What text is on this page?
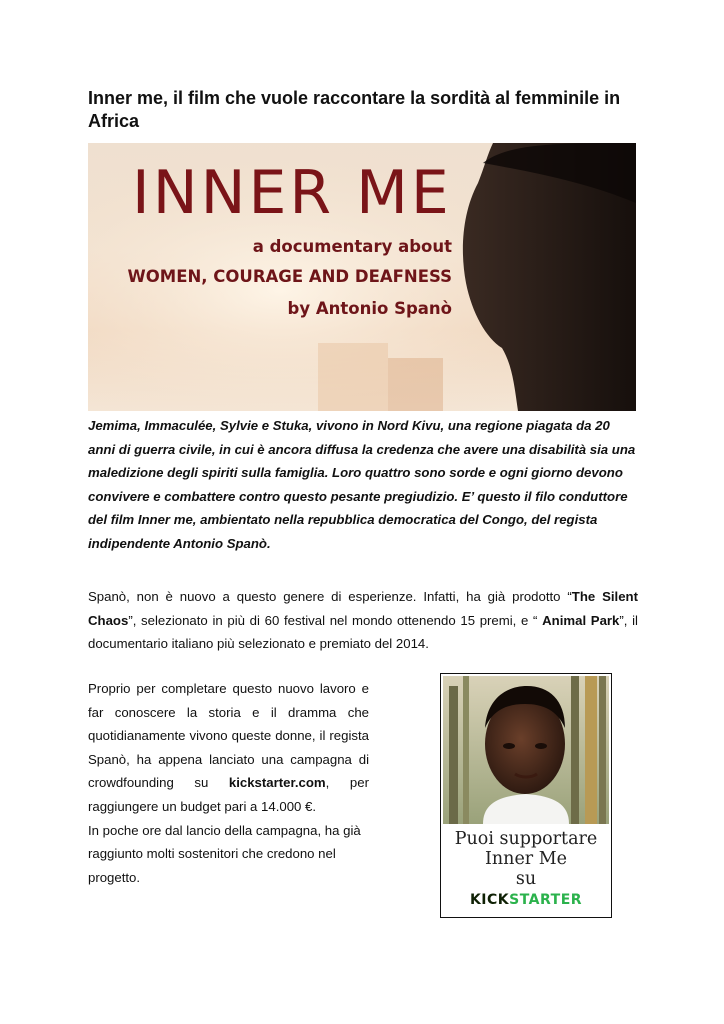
Inner me, il film che vuole raccontare la sordità al femminile in Africa
INNER ME
a documentary about
WOMEN, COURAGE AND DEAFNESS
by Antonio Spanò
Jemima, Immaculée, Sylvie e Stuka, vivono in Nord Kivu, una regione piagata da 20 anni di guerra civile, in cui è ancora diffusa la credenza che avere una disabilità sia una maledizione degli spiriti sulla famiglia. Loro quattro sono sorde e ogni giorno devono convivere e combattere contro questo pesante pregiudizio. E’ questo il filo conduttore del film Inner me, ambientato nella repubblica democratica del Congo, del regista indipendente Antonio Spanò.
Spanò, non è nuovo a questo genere di esperienze. Infatti, ha già prodotto “The Silent Chaos”, selezionato in più di 60 festival nel mondo ottenendo 15 premi, e “ Animal Park”, il documentario italiano più selezionato e premiato del 2014.

Proprio per completare questo nuovo lavoro e far conoscere la storia e il dramma che quotidianamente vivono queste donne, il regista Spanò, ha appena lanciato una campagna di crowdfounding su kickstarter.com, per raggiungere un budget pari a 14.000 €.

In poche ore dal lancio della campagna, ha già raggiunto molti sostenitori che credono nel progetto.

Puoi supportare
Inner Me
su
KICKSTARTER
